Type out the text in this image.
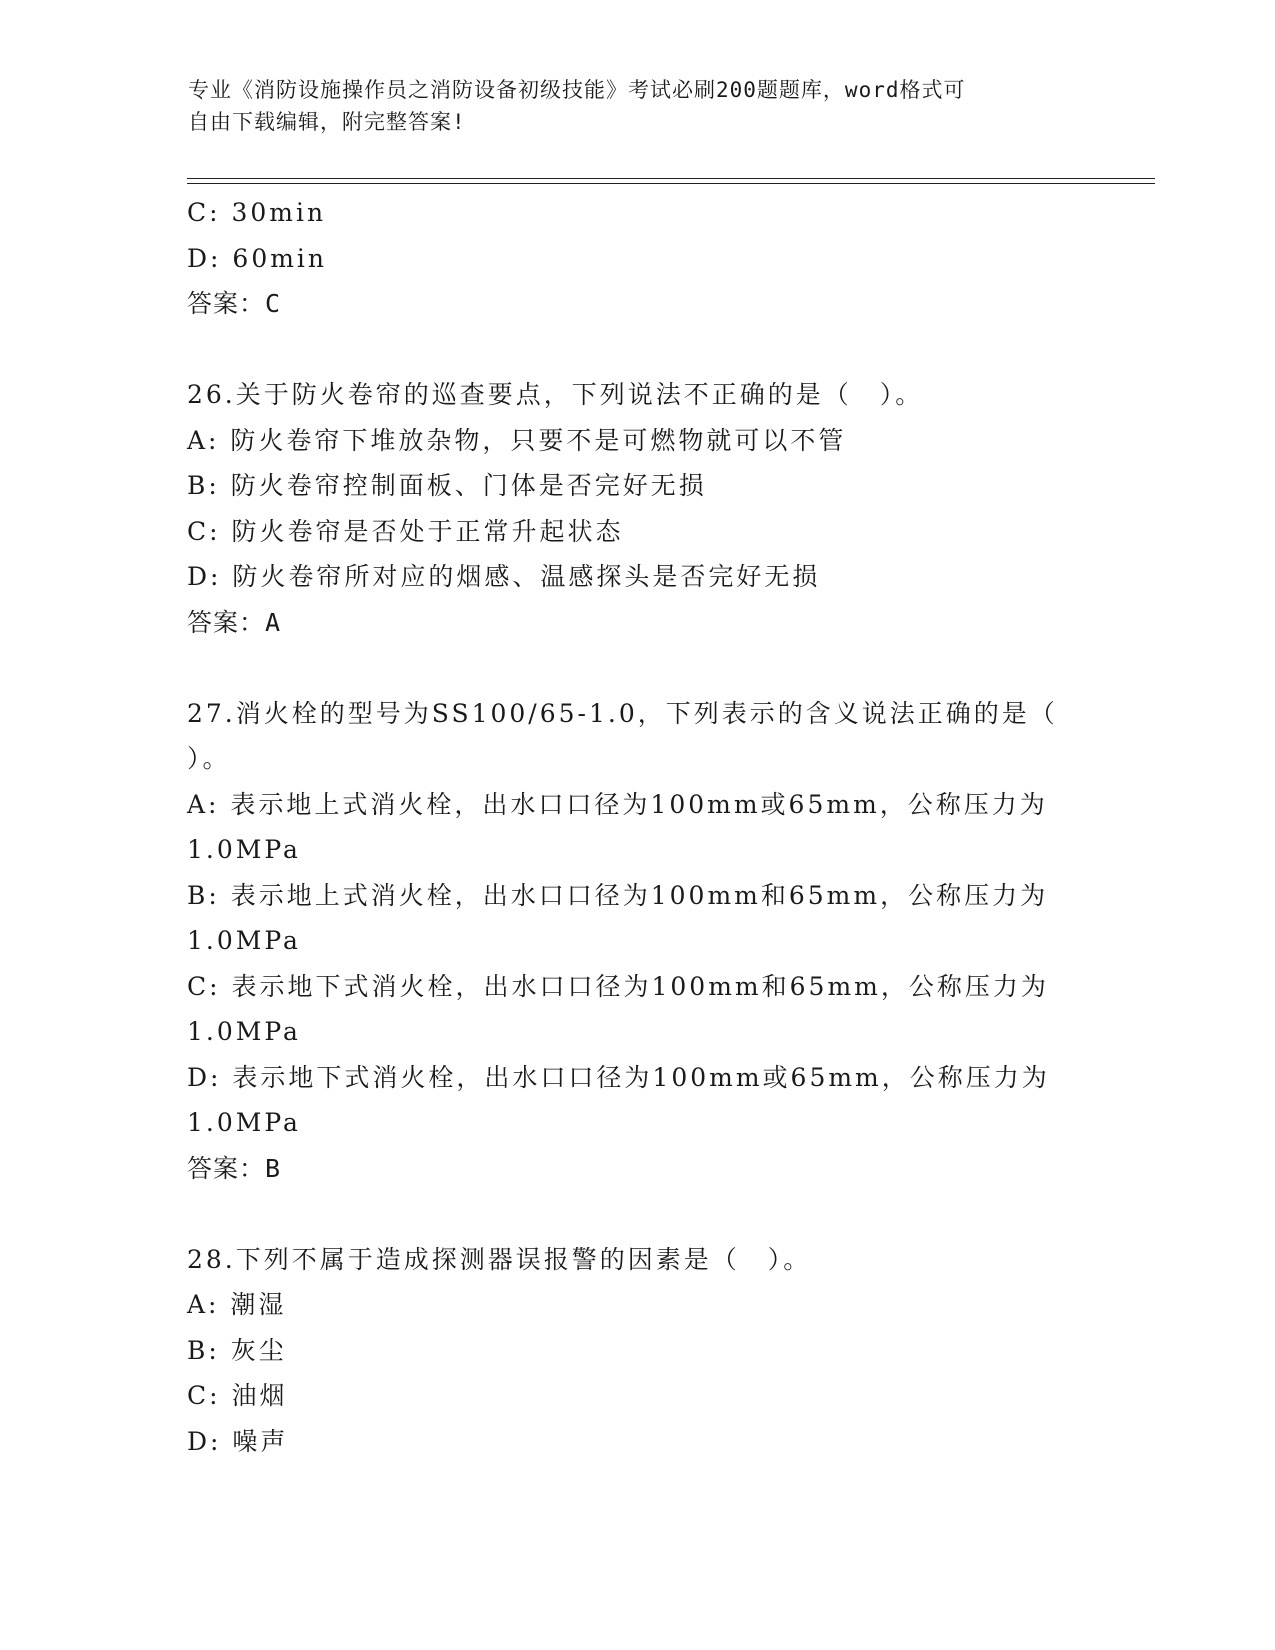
专业《消防设施操作员之消防设备初级技能》考试必刷200题题库，word格式可
自由下载编辑，附完整答案!

C: 30min

D: 60min

答案：C

26.关于防火卷帘的巡查要点，下列说法不正确的是（　）。

A: 防火卷帘下堆放杂物，只要不是可燃物就可以不管

B: 防火卷帘控制面板、门体是否完好无损

C: 防火卷帘是否处于正常升起状态

D: 防火卷帘所对应的烟感、温感探头是否完好无损

答案：A

27.消火栓的型号为SS100/65-1.0，下列表示的含义说法正确的是（

）。

A: 表示地上式消火栓，出水口口径为100mm或65mm，公称压力为

1.0MPa

B: 表示地上式消火栓，出水口口径为100mm和65mm，公称压力为

1.0MPa

C: 表示地下式消火栓，出水口口径为100mm和65mm，公称压力为

1.0MPa

D: 表示地下式消火栓，出水口口径为100mm或65mm，公称压力为

1.0MPa

答案：B

28.下列不属于造成探测器误报警的因素是（　）。

A: 潮湿

B: 灰尘

C: 油烟

D: 噪声
